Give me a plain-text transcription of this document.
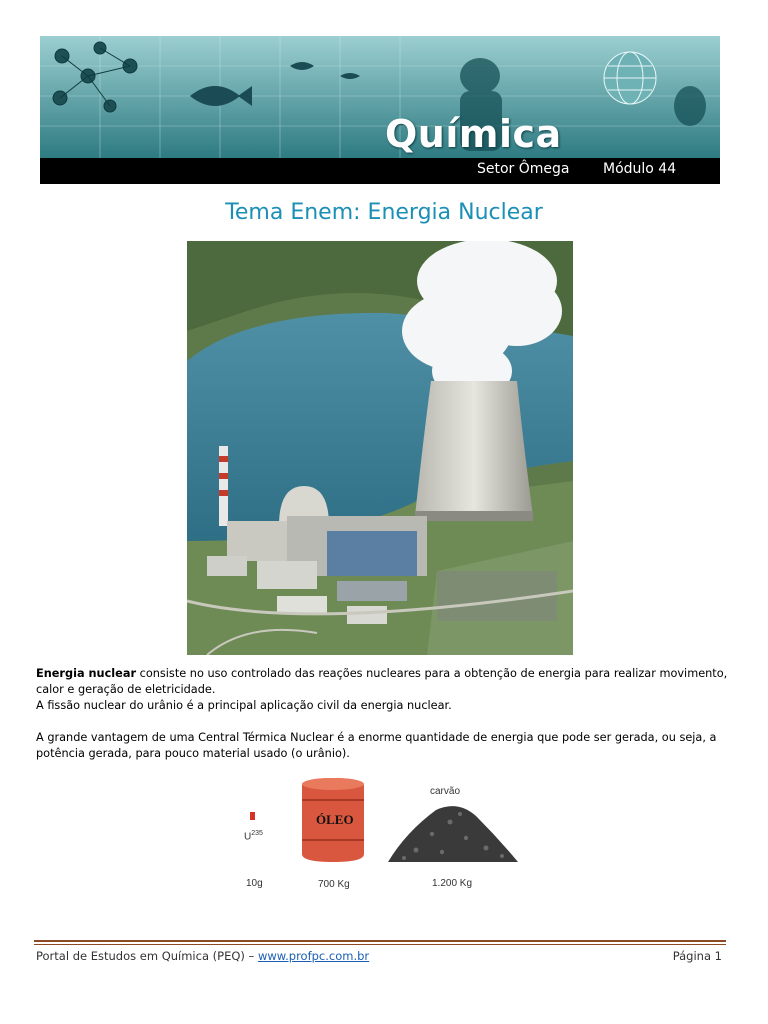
Química
Setor Ômega Módulo 44
Tema Enem: Energia Nuclear

Energia nuclear consiste no uso controlado das reações nucleares para a obtenção de energia para realizar movimento, calor e geração de eletricidade.

A fissão nuclear do urânio é a principal aplicação civil da energia nuclear.

A grande vantagem de uma Central Térmica Nuclear é a enorme quantidade de energia que pode ser gerada, ou seja, a potência gerada, para pouco material usado (o urânio).

$U^{235}$
ÓLEO
carvão
10g	700 Kg	1.200 Kg
Portal de Estudos em Química (PEQ) – www.profpc.com.br	Página 1
